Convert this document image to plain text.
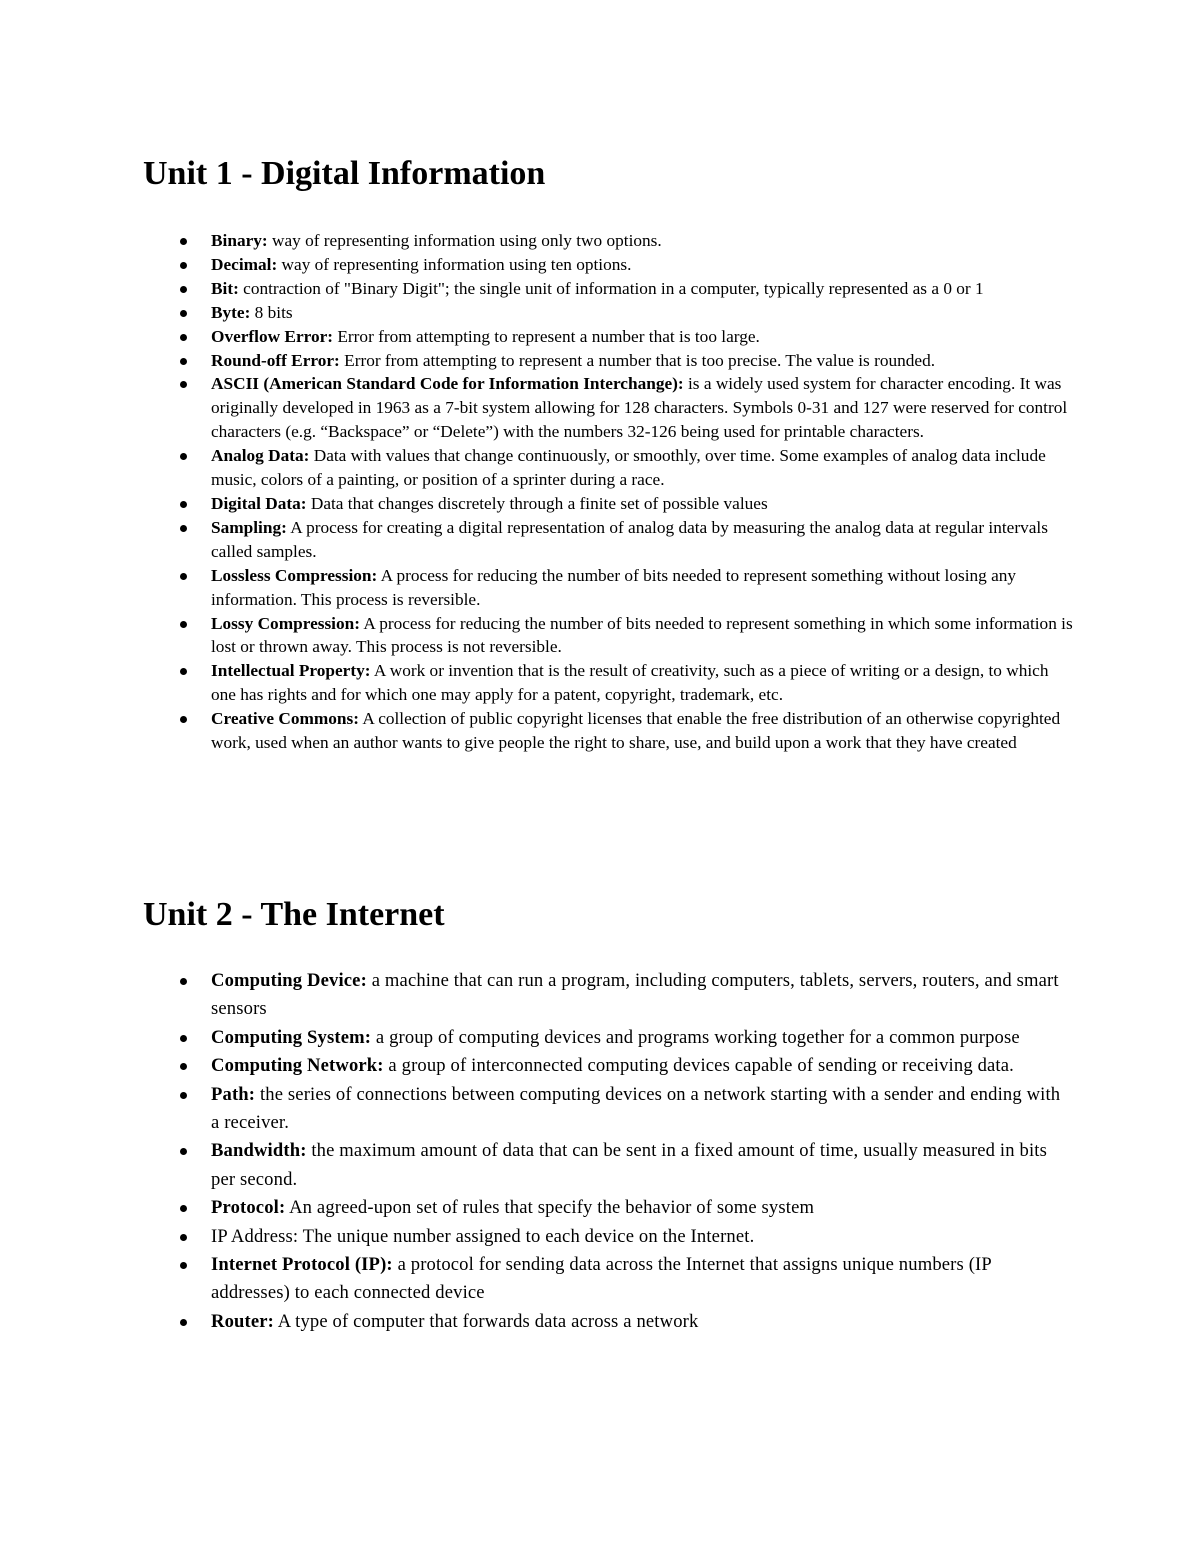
Unit 1 - Digital Information
Binary: way of representing information using only two options.
Decimal: way of representing information using ten options.
Bit: contraction of "Binary Digit"; the single unit of information in a computer, typically represented as a 0 or 1
Byte: 8 bits
Overflow Error: Error from attempting to represent a number that is too large.
Round-off Error: Error from attempting to represent a number that is too precise. The value is rounded.
ASCII (American Standard Code for Information Interchange): is a widely used system for character encoding. It was originally developed in 1963 as a 7-bit system allowing for 128 characters. Symbols 0-31 and 127 were reserved for control characters (e.g. “Backspace” or “Delete”) with the numbers 32-126 being used for printable characters.
Analog Data: Data with values that change continuously, or smoothly, over time. Some examples of analog data include music, colors of a painting, or position of a sprinter during a race.
Digital Data: Data that changes discretely through a finite set of possible values
Sampling: A process for creating a digital representation of analog data by measuring the analog data at regular intervals called samples.
Lossless Compression: A process for reducing the number of bits needed to represent something without losing any information. This process is reversible.
Lossy Compression: A process for reducing the number of bits needed to represent something in which some information is lost or thrown away. This process is not reversible.
Intellectual Property: A work or invention that is the result of creativity, such as a piece of writing or a design, to which one has rights and for which one may apply for a patent, copyright, trademark, etc.
Creative Commons: A collection of public copyright licenses that enable the free distribution of an otherwise copyrighted work, used when an author wants to give people the right to share, use, and build upon a work that they have created
Unit 2 - The Internet
Computing Device: a machine that can run a program, including computers, tablets, servers, routers, and smart sensors
Computing System: a group of computing devices and programs working together for a common purpose
Computing Network: a group of interconnected computing devices capable of sending or receiving data.
Path: the series of connections between computing devices on a network starting with a sender and ending with a receiver.
Bandwidth: the maximum amount of data that can be sent in a fixed amount of time, usually measured in bits per second.
Protocol: An agreed-upon set of rules that specify the behavior of some system
IP Address: The unique number assigned to each device on the Internet.
Internet Protocol (IP): a protocol for sending data across the Internet that assigns unique numbers (IP addresses) to each connected device
Router: A type of computer that forwards data across a network
